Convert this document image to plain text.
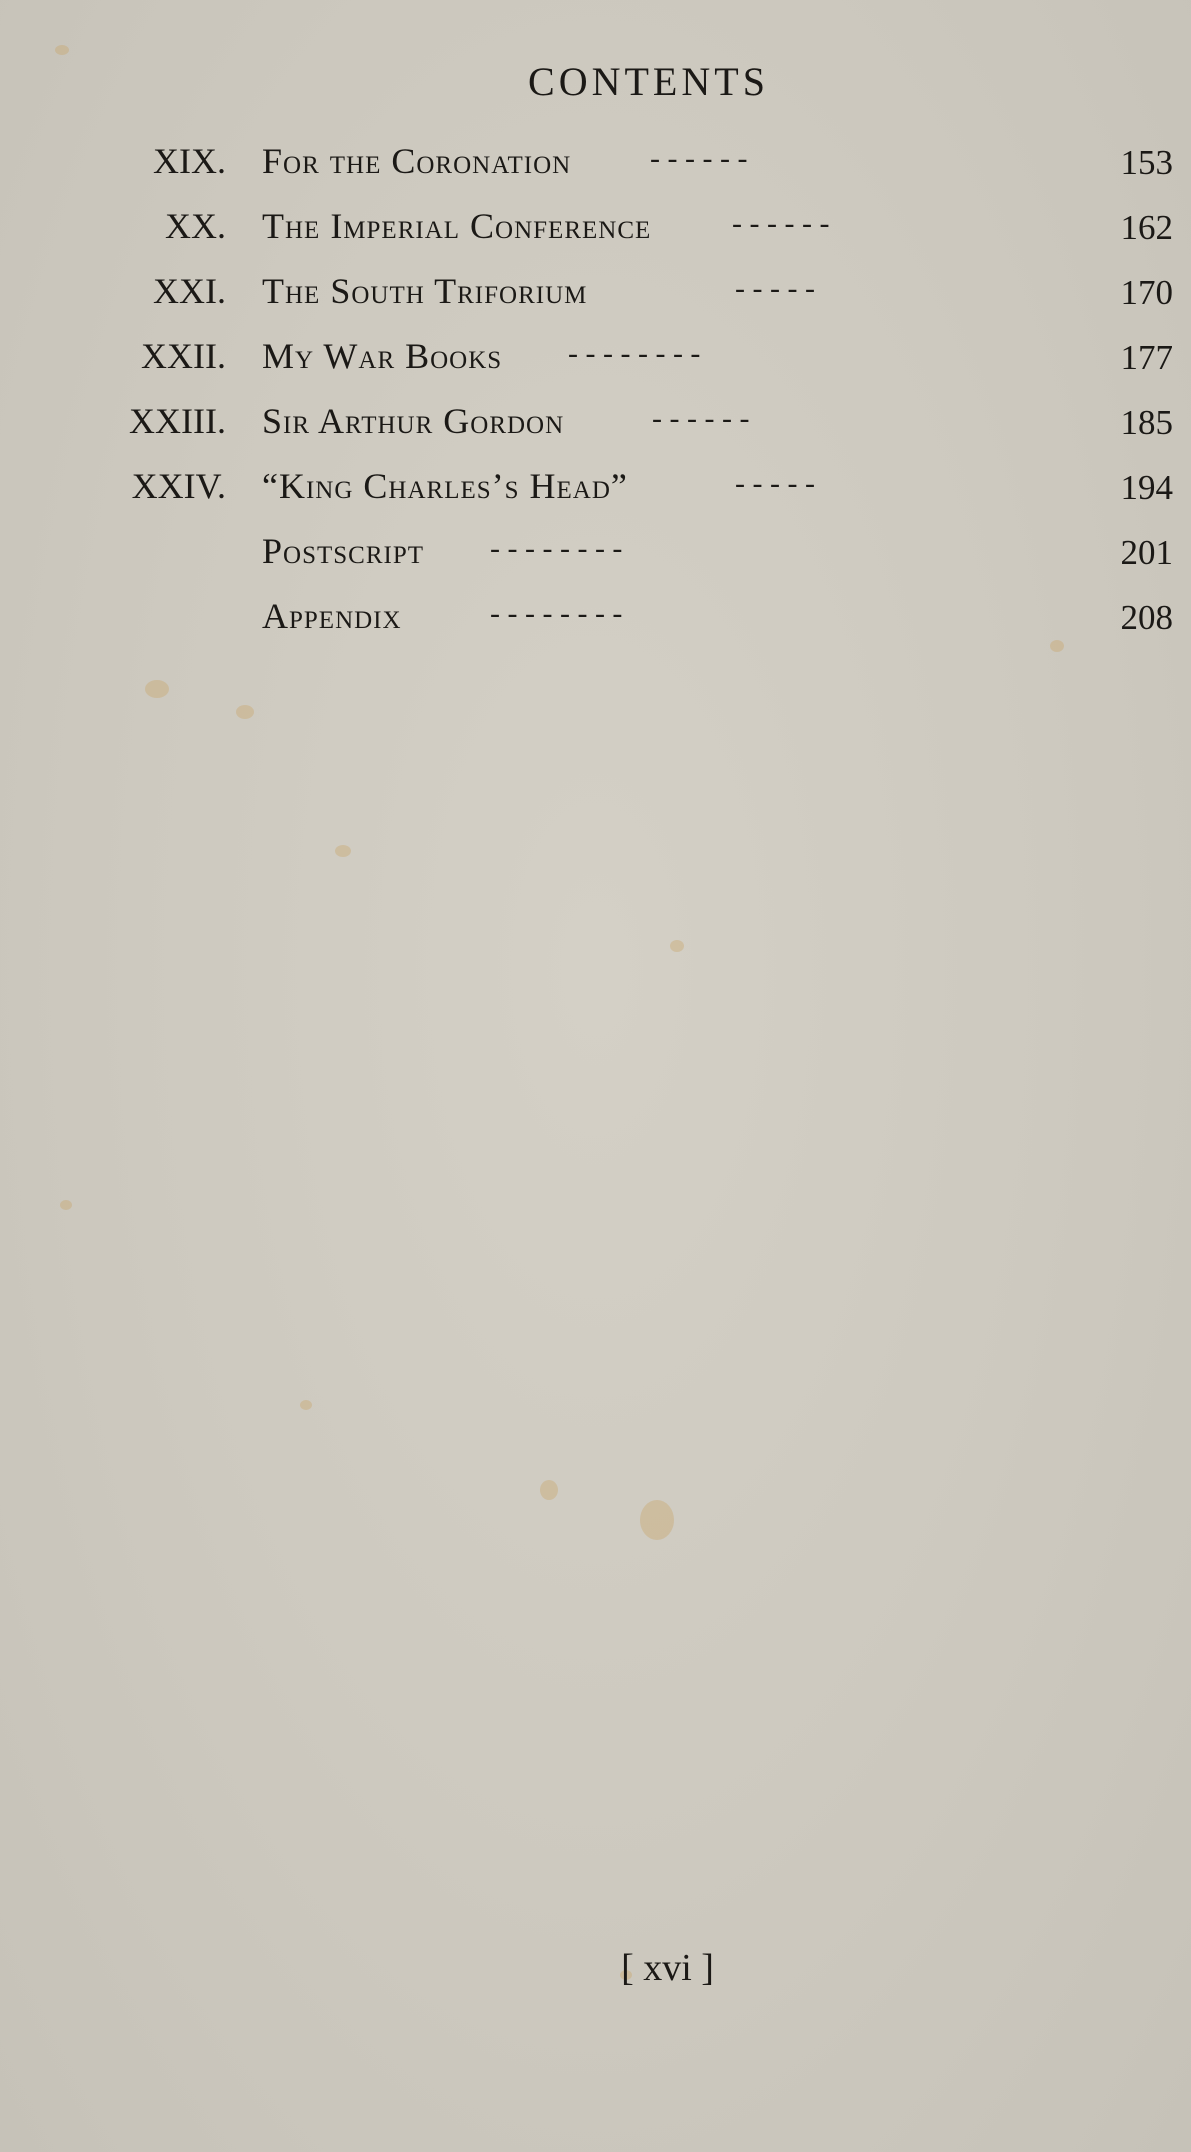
CONTENTS
XIX. For the Coronation	- - - - - -	153
XX. The Imperial Conference	- - - - - -	162
XXI. The South Triforium	- - - - -	170
XXII. My War Books - - - - - - - -	177
XXIII. Sir Arthur Gordon	- - - - - -	185
XXIV. “King Charles’s Head”	- - - - -	194
Postscript - - - - - - - -	201
Appendix	- - - - - - - -	208
[ xvi ]
